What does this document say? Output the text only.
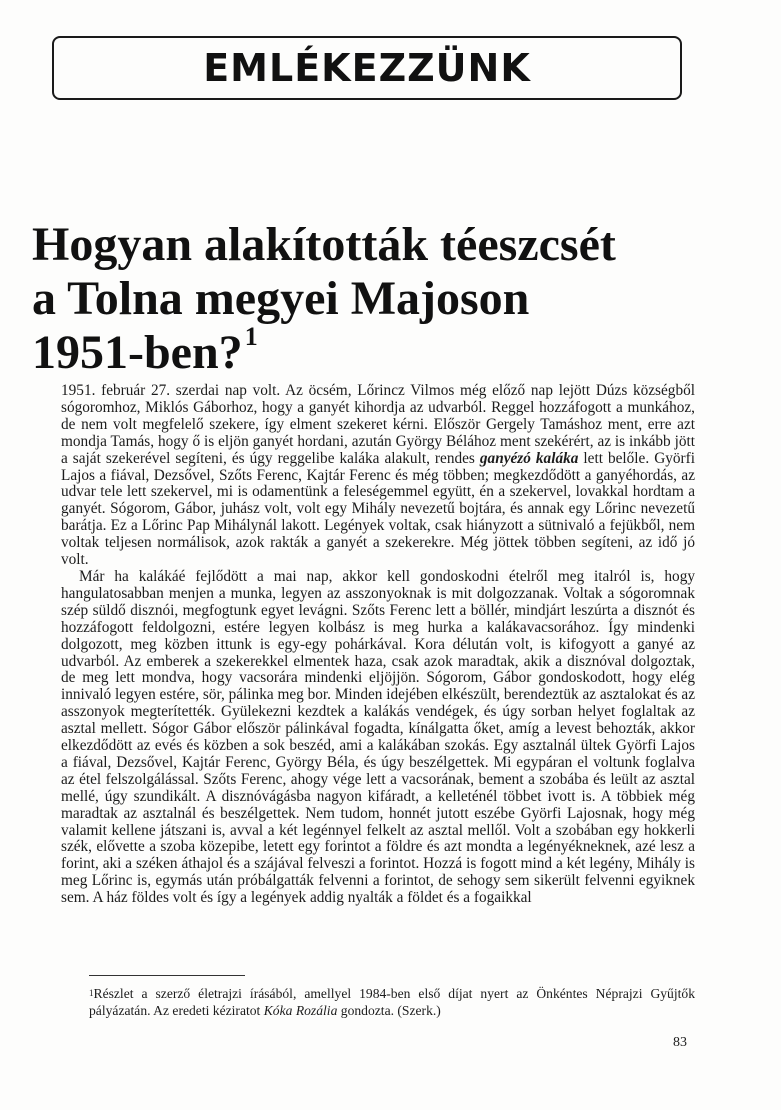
EMLÉKEZZÜNK
Hogyan alakították téeszcsét
a Tolna megyei Majoson
1951-ben?$^1$

1951. február 27. szerdai nap volt. Az öcsém, Lőrincz Vilmos még előző nap lejött Dúzs községből sógoromhoz, Miklós Gáborhoz, hogy a ganyét kihordja az udvarból. Reggel hozzáfogott a munkához, de nem volt megfelelő szekere, így elment szekeret kérni. Először Gergely Tamáshoz ment, erre azt mondja Tamás, hogy ő is eljön ganyét hordani, azután György Bélához ment szekérért, az is inkább jött a saját szekerével segíteni, és úgy reggelibe kaláka alakult, rendes ganyézó kaláka lett belőle. Györfi Lajos a fiával, Dezsővel, Szőts Ferenc, Kajtár Ferenc és még többen; megkezdődött a ganyéhordás, az udvar tele lett szekervel, mi is odamentünk a feleségemmel együtt, én a szekervel, lovakkal hordtam a ganyét. Sógorom, Gábor, juhász volt, volt egy Mihály nevezetű bojtára, és annak egy Lőrinc nevezetű barátja. Ez a Lőrinc Pap Mihálynál lakott. Legények voltak, csak hiányzott a sütnivaló a fejükből, nem voltak teljesen normálisok, azok rakták a ganyét a szekerekre. Még jöttek többen segíteni, az idő jó volt.

Már ha kalákáé fejlődött a mai nap, akkor kell gondoskodni ételről meg italról is, hogy hangulatosabban menjen a munka, legyen az asszonyoknak is mit dolgozzanak. Voltak a sógoromnak szép süldő disznói, megfogtunk egyet levágni. Szőts Ferenc lett a böllér, mindjárt leszúrta a disznót és hozzáfogott feldolgozni, estére legyen kolbász is meg hurka a kalákavacsorához. Így mindenki dolgozott, meg közben ittunk is egy-egy pohárkával. Kora délután volt, is kifogyott a ganyé az udvarból. Az emberek a szekerekkel elmentek haza, csak azok maradtak, akik a disznóval dolgoztak, de meg lett mondva, hogy vacsorára mindenki eljöjjön. Sógorom, Gábor gondoskodott, hogy elég innivaló legyen estére, sör, pálinka meg bor. Minden idejében elkészült, berendeztük az asztalokat és az asszonyok megterítették. Gyülekezni kezdtek a kalákás vendégek, és úgy sorban helyet foglaltak az asztal mellett. Sógor Gábor először pálinkával fogadta, kínálgatta őket, amíg a levest behozták, akkor elkezdődött az evés és közben a sok beszéd, ami a kalákában szokás. Egy asztalnál ültek Györfi Lajos a fiával, Dezsővel, Kajtár Ferenc, György Béla, és úgy beszélgettek. Mi egypáran el voltunk foglalva az étel felszolgálással. Szőts Ferenc, ahogy vége lett a vacsorának, bement a szobába és leült az asztal mellé, úgy szundikált. A disznóvágásba nagyon kifáradt, a kelleténél többet ivott is. A többiek még maradtak az asztalnál és beszélgettek. Nem tudom, honnét jutott eszébe Györfi Lajosnak, hogy még valamit kellene játszani is, avval a két legénnyel felkelt az asztal mellől. Volt a szobában egy hokkerli szék, elővette a szoba közepibe, letett egy forintot a földre és azt mondta a legényékneknek, azé lesz a forint, aki a széken áthajol és a szájával felveszi a forintot. Hozzá is fogott mind a két legény, Mihály is meg Lőrinc is, egymás után próbálgatták felvenni a forintot, de sehogy sem sikerült felvenni egyiknek sem. A ház földes volt és így a legények addig nyalták a földet és a fogaikkal

$^1$Részlet a szerző életrajzi írásából, amellyel 1984-ben első díjat nyert az Önkéntes Néprajzi Gyűjtők pályázatán. Az eredeti kéziratot Kóka Rozália gondozta. (Szerk.)
83
